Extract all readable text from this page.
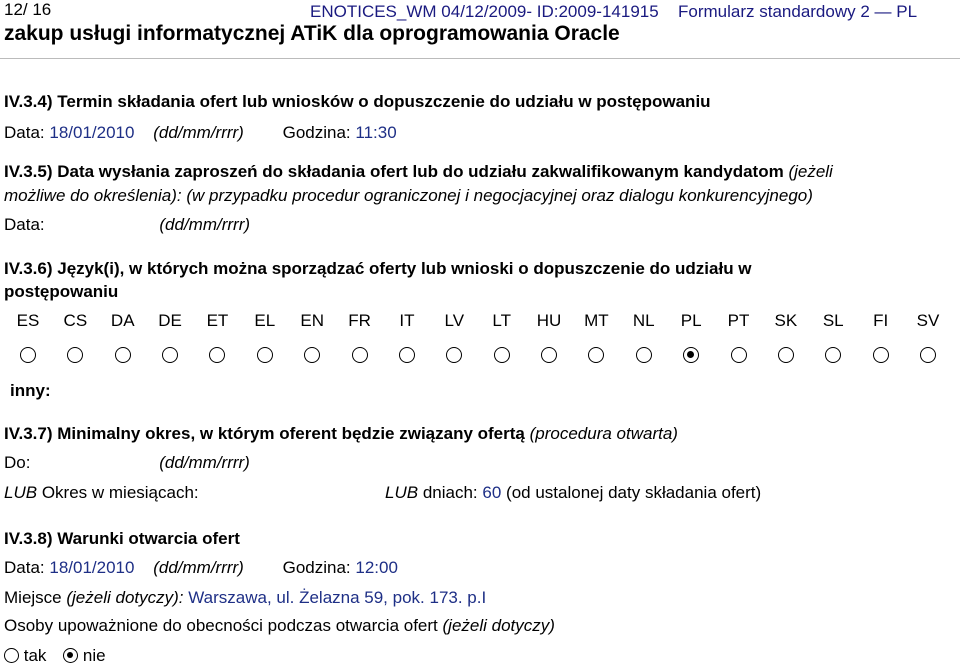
12/ 16	ENOTICES_WM 04/12/2009- ID:2009-141915 Formularz standardowy 2 — PL
zakup usługi informatycznej ATiK dla oprogramowania Oracle
IV.3.4) Termin składania ofert lub wniosków o dopuszczenie do udziału w postępowaniu
Data: 18/01/2010 (dd/mm/rrrr) Godzina: 11:30
IV.3.5) Data wysłania zaproszeń do składania ofert lub do udziału zakwalifikowanym kandydatom (jeżeli
możliwe do określenia): (w przypadku procedur ograniczonej i negocjacyjnej oraz dialogu konkurencyjnego)
Data:	(dd/mm/rrrr)
IV.3.6) Język(i), w których można sporządzać oferty lub wnioski o dopuszczenie do udziału w
postępowaniu
ES	CS	DA	DE	ET	EL	EN	FR	IT	LV	LT	HU	MT	NL	PL	PT	SK	SL	FI	SV
inny:
IV.3.7) Minimalny okres, w którym oferent będzie związany ofertą (procedura otwarta)
Do:	(dd/mm/rrrr)
LUB Okres w miesiącach:	LUB dniach: 60 (od ustalonej daty składania ofert)
IV.3.8) Warunki otwarcia ofert
Data: 18/01/2010 (dd/mm/rrrr) Godzina: 12:00
Miejsce (jeżeli dotyczy): Warszawa, ul. Żelazna 59, pok. 173. p.I
Osoby upoważnione do obecności podczas otwarcia ofert (jeżeli dotyczy)
tak nie
